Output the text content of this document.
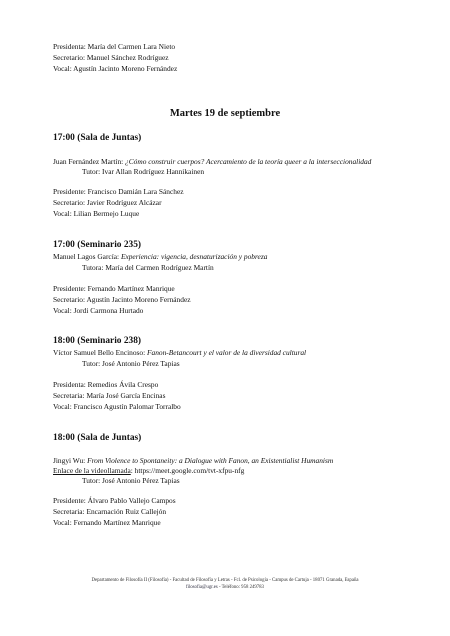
Presidenta: María del Carmen Lara Nieto
Secretario: Manuel Sánchez Rodríguez
Vocal: Agustín Jacinto Moreno Fernández
Martes 19 de septiembre
17:00 (Sala de Juntas)
Juan Fernández Martín: ¿Cómo construir cuerpos? Acercamiento de la teoría queer a la interseccionalidad
Tutor: Ivar Allan Rodríguez Hannikainen
Presidente: Francisco Damián Lara Sánchez
Secretario: Javier Rodríguez Alcázar
Vocal: Lilian Bermejo Luque
17:00 (Seminario 235)
Manuel Lagos García: Experiencia: vigencia, desnaturización y pobreza
Tutora: María del Carmen Rodríguez Martín
Presidente: Fernando Martínez Manrique
Secretario: Agustín Jacinto Moreno Fernández
Vocal: Jordi Carmona Hurtado
18:00 (Seminario 238)
Víctor Samuel Bello Encinoso: Fanon-Betancourt y el valor de la diversidad cultural
Tutor: José Antonio Pérez Tapias
Presidenta: Remedios Ávila Crespo
Secretaria: María José García Encinas
Vocal: Francisco Agustín Palomar Torralbo
18:00 (Sala de Juntas)
Jingyi Wu: From Violence to Spontaneity: a Dialogue with Fanon, an Existentialist Humanism
Enlace de la videollamada: https://meet.google.com/tvt-xfpu-nfg
Tutor: José Antonio Pérez Tapias
Presidente: Álvaro Pablo Vallejo Campos
Secretaria: Encarnación Ruiz Callejón
Vocal: Fernando Martínez Manrique
Departamento de Filosofía II (Filosofía) - Facultad de Filosofía y Letras - Fcl. de Psicología - Campus de Cartuja - 18071 Granada, España
filosofia@ugr.es - Teléfono: 958 249783
